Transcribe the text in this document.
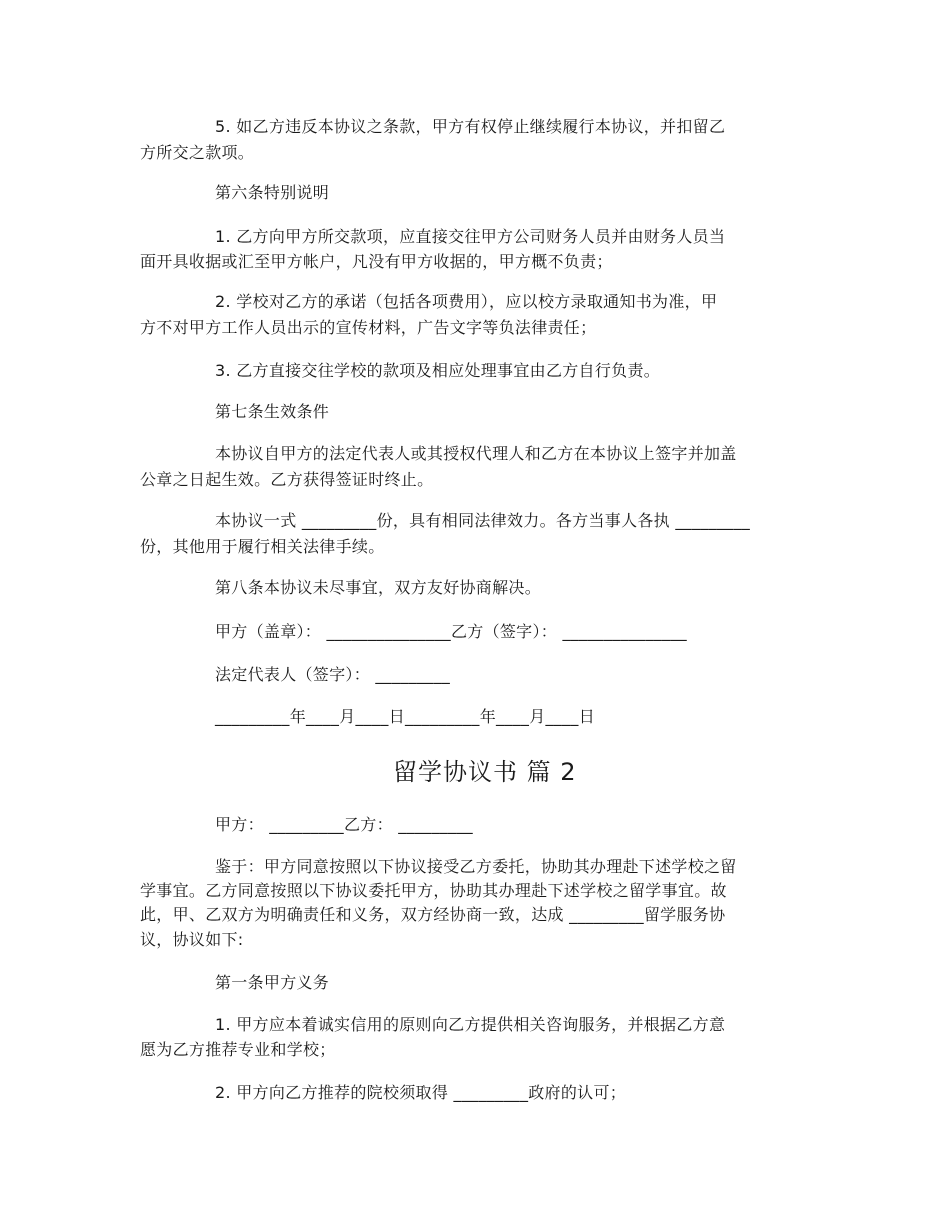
5. 如乙方违反本协议之条款，甲方有权停止继续履行本协议，并扣留乙
方所交之款项。
第六条特别说明
1. 乙方向甲方所交款项，应直接交往甲方公司财务人员并由财务人员当
面开具收据或汇至甲方帐户，凡没有甲方收据的，甲方概不负责；
2. 学校对乙方的承诺（包括各项费用），应以校方录取通知书为准，甲
方不对甲方工作人员出示的宣传材料，广告文字等负法律责任；
3. 乙方直接交往学校的款项及相应处理事宜由乙方自行负责。
第七条生效条件
本协议自甲方的法定代表人或其授权代理人和乙方在本协议上签字并加盖
公章之日起生效。乙方获得签证时终止。
本协议一式 _________份，具有相同法律效力。各方当事人各执 _________
份，其他用于履行相关法律手续。
第八条本协议未尽事宜，双方友好协商解决。
甲方（盖章）： _______________乙方（签字）： _______________
法定代表人（签字）： _________
_________年____月____日_________年____月____日
留学协议书 篇 2
甲方： _________乙方： _________
鉴于：甲方同意按照以下协议接受乙方委托，协助其办理赴下述学校之留
学事宜。乙方同意按照以下协议委托甲方，协助其办理赴下述学校之留学事宜。故
此，甲、乙双方为明确责任和义务，双方经协商一致，达成 _________留学服务协
议，协议如下:
第一条甲方义务
1. 甲方应本着诚实信用的原则向乙方提供相关咨询服务，并根据乙方意
愿为乙方推荐专业和学校；
2. 甲方向乙方推荐的院校须取得 _________政府的认可；
